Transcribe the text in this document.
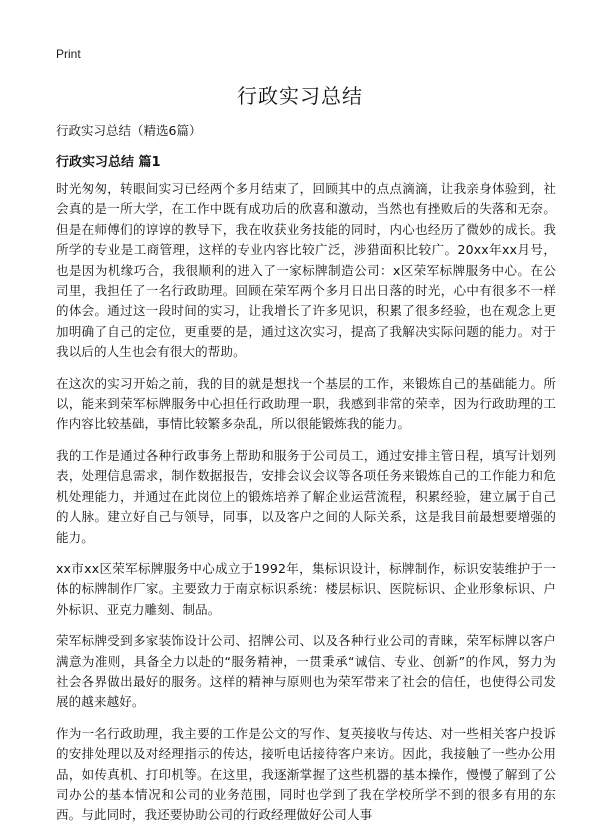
Print
行政实习总结

行政实习总结（精选6篇）

行政实习总结 篇1

时光匆匆，转眼间实习已经两个多月结束了，回顾其中的点点滴滴，让我亲身体验到，社会真的是一所大学，在工作中既有成功后的欣喜和激动，当然也有挫败后的失落和无奈。但是在师傅们的谆谆的教导下，我在收获业务技能的同时，内心也经历了微妙的成长。我所学的专业是工商管理，这样的专业内容比较广泛，涉猎面积比较广。20xx年xx月号，也是因为机缘巧合，我很顺利的进入了一家标牌制造公司：x区荣军标牌服务中心。在公司里，我担任了一名行政助理。回顾在荣军两个多月日出日落的时光，心中有很多不一样的体会。通过这一段时间的实习，让我增长了许多见识，积累了很多经验，也在观念上更加明确了自己的定位，更重要的是，通过这次实习，提高了我解决实际问题的能力。对于我以后的人生也会有很大的帮助。

在这次的实习开始之前，我的目的就是想找一个基层的工作，来锻炼自己的基础能力。所以，能来到荣军标牌服务中心担任行政助理一职，我感到非常的荣幸，因为行政助理的工作内容比较基础，事情比较繁多杂乱，所以很能锻炼我的能力。

我的工作是通过各种行政事务上帮助和服务于公司员工，通过安排主管日程，填写计划列表，处理信息需求，制作数据报告，安排会议会议等各项任务来锻炼自己的工作能力和危机处理能力，并通过在此岗位上的锻炼培养了解企业运营流程，积累经验，建立属于自己的人脉。建立好自己与领导，同事，以及客户之间的人际关系，这是我目前最想要增强的能力。

xx市xx区荣军标牌服务中心成立于1992年，集标识设计，标牌制作，标识安装维护于一体的标牌制作厂家。主要致力于南京标识系统：楼层标识、医院标识、企业形象标识、户外标识、亚克力雕刻、制品。

荣军标牌受到多家装饰设计公司、招牌公司、以及各种行业公司的青睐，荣军标牌以客户满意为准则，具备全力以赴的“服务精神，一贯秉承“诚信、专业、创新”的作风，努力为社会各界做出最好的服务。这样的精神与原则也为荣军带来了社会的信任，也使得公司发展的越来越好。

作为一名行政助理，我主要的工作是公文的写作、复英接收与传达、对一些相关客户投诉的安排处理以及对经理指示的传达，接听电话接待客户来访。因此，我接触了一些办公用品，如传真机、打印机等。在这里，我逐渐掌握了这些机器的基本操作，慢慢了解到了公司办公的基本情况和公司的业务范围，同时也学到了我在学校所学不到的很多有用的东西。与此同时，我还要协助公司的行政经理做好公司人事
